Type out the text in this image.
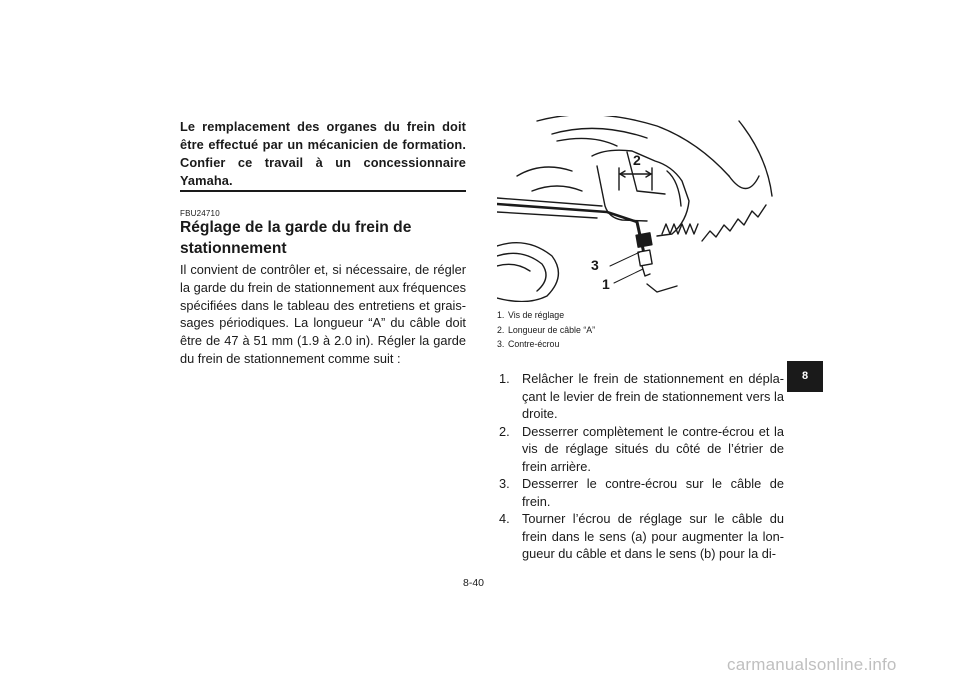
Le remplacement des organes du frein doit être effectué par un mécanicien de formation. Confier ce travail à un concessionnaire Yamaha.
FBU24710
Réglage de la garde du frein de stationnement
Il convient de contrôler et, si nécessaire, de régler la garde du frein de stationnement aux fréquences spécifiées dans le tableau des entretiens et grais-sages périodiques. La longueur “A” du câble doit être de 47 à 51 mm (1.9 à 2.0 in). Régler la garde du frein de stationnement comme suit :
2
3
1
1. Vis de réglage
2. Longueur de câble “A”
3. Contre-écrou
1. Relâcher le frein de stationnement en dépla-çant le levier de frein de stationnement vers la droite.
2. Desserrer complètement le contre-écrou et la vis de réglage situés du côté de l’étrier de frein arrière.
3. Desserrer le contre-écrou sur le câble de frein.
4. Tourner l’écrou de réglage sur le câble du frein dans le sens (a) pour augmenter la lon-gueur du câble et dans le sens (b) pour la di-
8
8-40
carmanualsonline.info
